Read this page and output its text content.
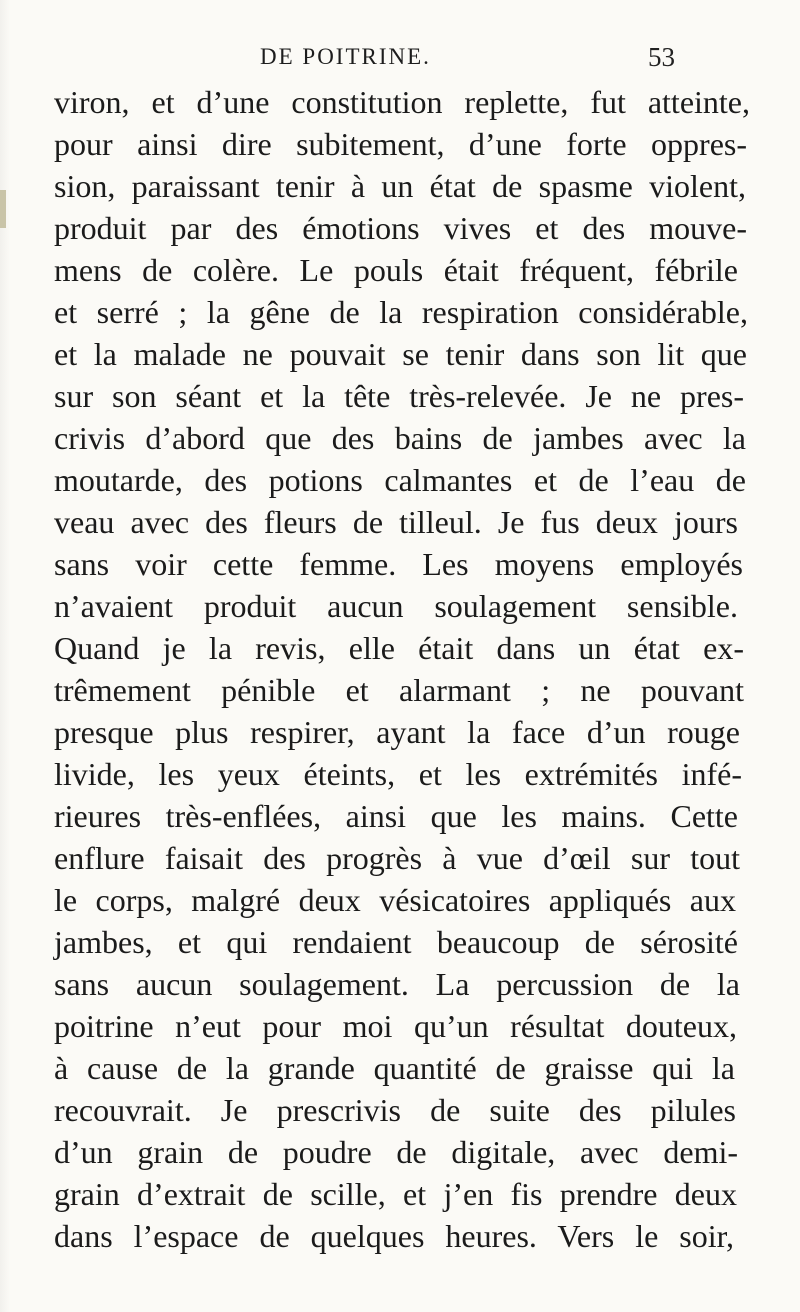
DE POITRINE.	53
viron, et d’une constitution replette, fut atteinte,
pour ainsi dire subitement, d’une forte oppres-
sion, paraissant tenir à un état de spasme violent,
produit par des émotions vives et des mouve-
mens de colère. Le pouls était fréquent, fébrile
et serré ; la gêne de la respiration considérable,
et la malade ne pouvait se tenir dans son lit que
sur son séant et la tête très-relevée. Je ne pres-
crivis d’abord que des bains de jambes avec la
moutarde, des potions calmantes et de l’eau de
veau avec des fleurs de tilleul. Je fus deux jours
sans voir cette femme. Les moyens employés
n’avaient produit aucun soulagement sensible.
Quand je la revis, elle était dans un état ex-
trêmement pénible et alarmant ; ne pouvant
presque plus respirer, ayant la face d’un rouge
livide, les yeux éteints, et les extrémités infé-
rieures très-enflées, ainsi que les mains. Cette
enflure faisait des progrès à vue d’œil sur tout
le corps, malgré deux vésicatoires appliqués aux
jambes, et qui rendaient beaucoup de sérosité
sans aucun soulagement. La percussion de la
poitrine n’eut pour moi qu’un résultat douteux,
à cause de la grande quantité de graisse qui la
recouvrait. Je prescrivis de suite des pilules
d’un grain de poudre de digitale, avec demi-
grain d’extrait de scille, et j’en fis prendre deux
dans l’espace de quelques heures. Vers le soir,
